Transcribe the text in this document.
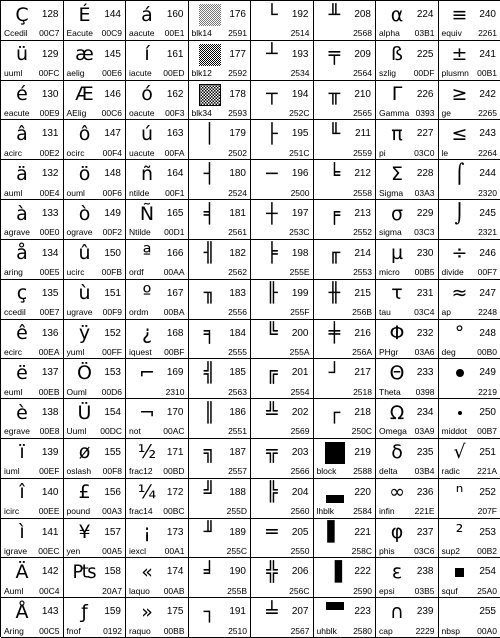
Ç	128
Ccedil 00C7
É	144
Eacute 00C9
á	160
aacute 00E1
176
blk14 2591
└	192
2514
╨	208
2568
α	224
alpha 03B1
≡	240
equiv 2261
ü	129
uuml 00FC
æ	145
aelig 00E6
í	161
iacute 00ED
177
blk12 2592
┴	193
2534
╤	209
2564
ß	225
szlig 00DF
±	241
plusmn 00B1
é	130
eacute 00E9
Æ	146
AElig 00C6
ó	162
oacute 00F3
178
blk34 2593
┬	194
252C
╥	210
2565
Γ	226
Gamma 0393
≥	242
ge	2265
â	131
acirc 00E2
ô	147
ocirc 00F4
ú	163
uacute 00FA
│	179
2502
├	195
251C
╙	211
2559
π	227
pi	03C0
≤	243
le	2264
ä	132
auml 00E4
ö	148
ouml 00F6
ñ	164
ntilde 00F1
┤	180
2524
─	196
2500
╘	212
2558
Σ	228
Sigma 03A3
⌠	244
2320
à	133
agrave 00E0
ò	149
ograve 00F2
Ñ	165
Ntilde 00D1
╡	181
2561
┼	197
253C
╒	213
2552
σ	229
sigma 03C3
⌡	245
2321
å	134
aring 00E5
û	150
ucirc 00FB
ª	166
ordf 00AA
╢	182
2562
╞	198
255E
╓	214
2553
µ	230
micro 00B5
÷	246
divide 00F7
ç	135
ccedil 00E7
ù	151
ugrave 00F9
º	167
ordm 00BA
╖	183
2556
╟	199
255F
╫	215
256B
τ	231
tau	03C4
≈	247
ap	2248
ê	136
ecirc 00EA
ÿ	152
yuml 00FF
¿	168
iquest 00BF
╕	184
2555
╚	200
255A
╪	216
256A
Φ	232
PHgr 03A6
°	248
deg	00B0
ë	137
euml 00EB
Ö	153
Ouml 00D6
⌐	169
2310
╣	185
2563
╔	201
2554
┘	217
2518
Θ	233
Theta 0398
249
2219
è	138
egrave 00E8
Ü	154
Uuml 00DC
¬	170
not	00AC
║	186
2551
╩	202
2569
┌	218
250C
Ω	234
Omega 03A9
250
middot 00B7
ï	139
iuml 00EF
ø	155
oslash 00F8
½	171
frac12 00BD
╗	187
2557
╦	203
2566
219
block 2588
δ	235
delta 03B4
√	251
radic 221A
î	140
icirc 00EE
£	156
pound 00A3
¼	172
frac14 00BC
╝	188
255D
╠	204
2560
220
lhblk 2584
∞	236
infin 221E
ⁿ	252
207F
ì	141
igrave 00EC
¥	157
yen	00A5
¡	173
iexcl 00A1
╜	189
255C
═	205
2550
▌	221
258C
φ	237
phis 03C6
²	253
sup2 00B2
Ä	142
Auml 00C4
₧ 158
20A7
«	174
laquo 00AB
╛	190
255B
╬	206
256C
▐	222
2590
ε	238
epsi 03B5
254
squf 25A0
Å	143
Aring 00C5
ƒ	159
fnof	0192
»	175
raquo 00BB
┐	191
2510
╧	207
2567
223
uhblk 2580
∩	239
cap	2229
255
nbsp 00A0
